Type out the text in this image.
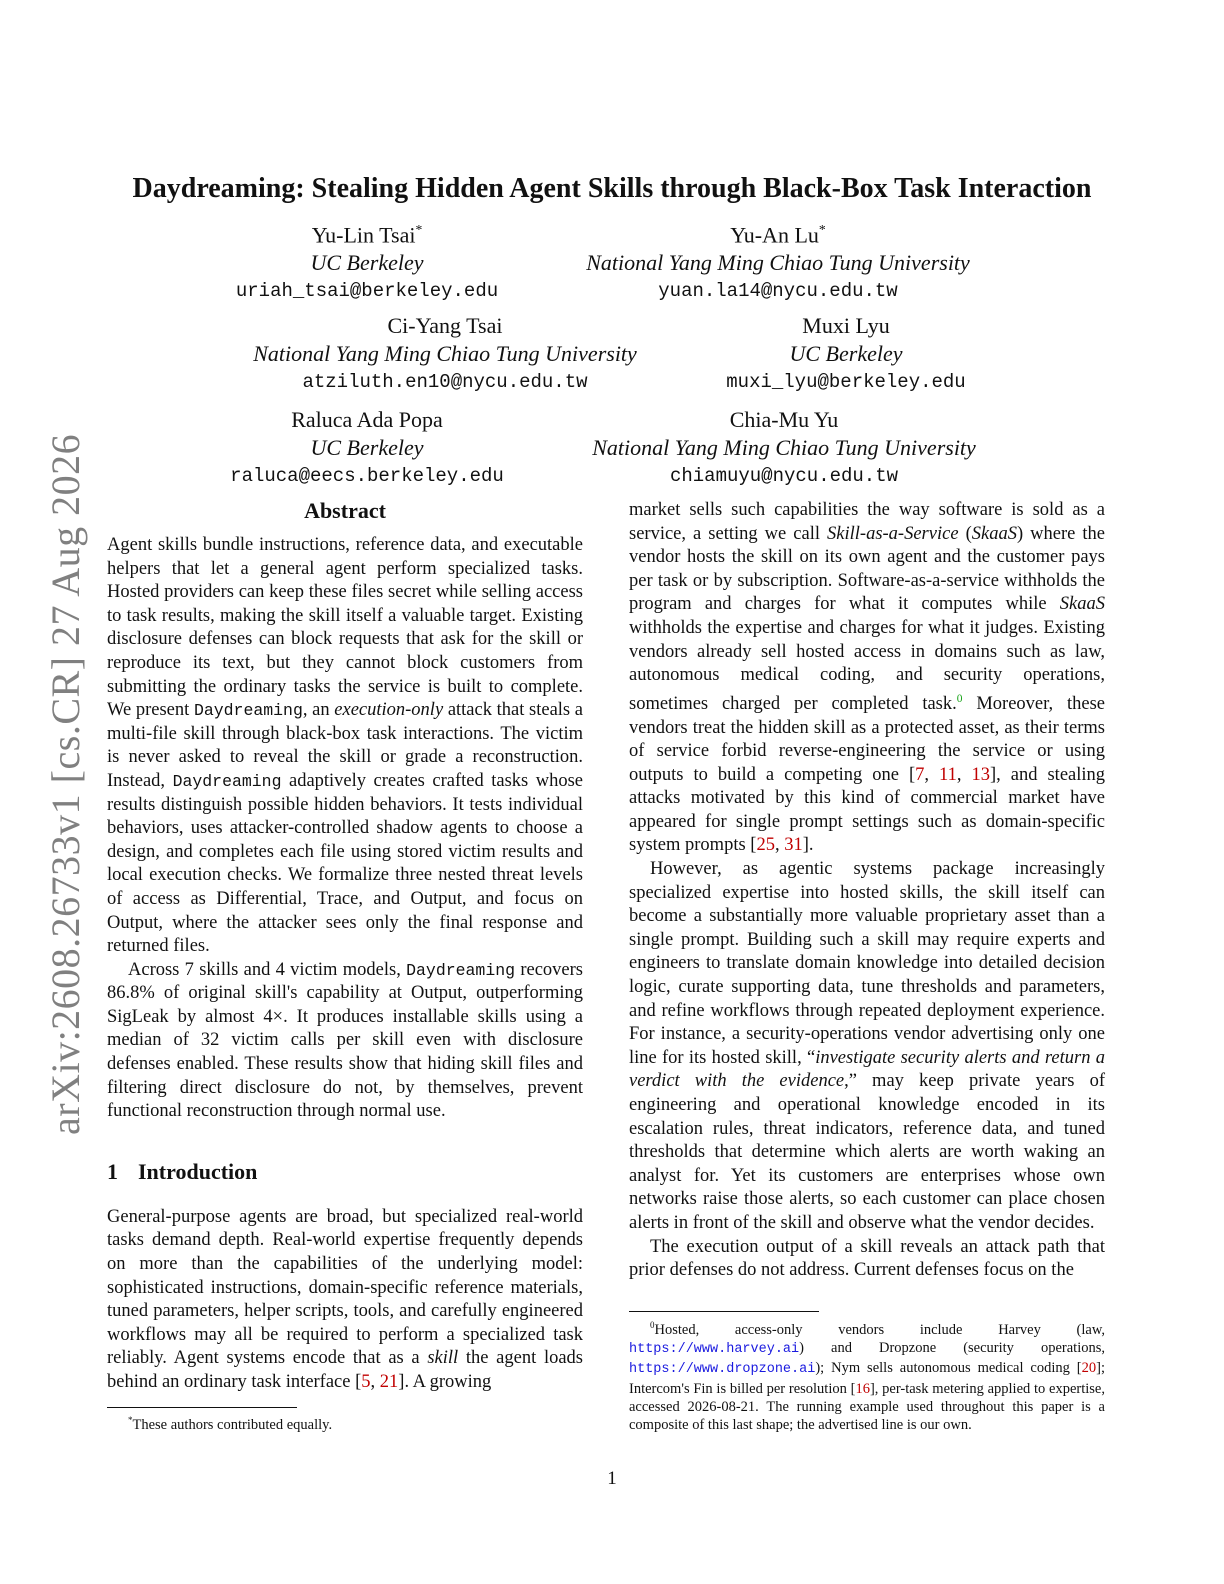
arXiv:2608.26733v1 [cs.CR] 27 Aug 2026
Daydreaming: Stealing Hidden Agent Skills through Black-Box Task Interaction
Yu-Lin Tsai*
UC Berkeley
uriah_tsai@berkeley.edu
Yu-An Lu*
National Yang Ming Chiao Tung University
yuan.la14@nycu.edu.tw
Ci-Yang Tsai
National Yang Ming Chiao Tung University
atziluth.en10@nycu.edu.tw
Muxi Lyu
UC Berkeley
muxi_lyu@berkeley.edu
Raluca Ada Popa
UC Berkeley
raluca@eecs.berkeley.edu
Chia-Mu Yu
National Yang Ming Chiao Tung University
chiamuyu@nycu.edu.tw
Abstract

Agent skills bundle instructions, reference data, and executable helpers that let a general agent perform specialized tasks. Hosted providers can keep these files secret while selling access to task results, making the skill itself a valuable target. Existing disclosure defenses can block requests that ask for the skill or reproduce its text, but they cannot block customers from submitting the ordinary tasks the service is built to complete. We present Daydreaming, an execution-only attack that steals a multi-file skill through black-box task interactions. The victim is never asked to reveal the skill or grade a reconstruction. Instead, Daydreaming adaptively creates crafted tasks whose results distinguish possible hidden behaviors. It tests individual behaviors, uses attacker-controlled shadow agents to choose a design, and completes each file using stored victim results and local execution checks. We formalize three nested threat levels of access as Differential, Trace, and Output, and focus on Output, where the attacker sees only the final response and returned files.

Across 7 skills and 4 victim models, Daydreaming recovers 86.8% of original skill's capability at Output, outperforming SigLeak by almost 4×. It produces installable skills using a median of 32 victim calls per skill even with disclosure defenses enabled. These results show that hiding skill files and filtering direct disclosure do not, by themselves, prevent functional reconstruction through normal use.

1 Introduction

General-purpose agents are broad, but specialized real-world tasks demand depth. Real-world expertise frequently depends on more than the capabilities of the underlying model: sophisticated instructions, domain-specific reference materials, tuned parameters, helper scripts, tools, and carefully engineered workflows may all be required to perform a specialized task reliably. Agent systems encode that as a skill the agent loads behind an ordinary task interface [5, 21]. A growing

market sells such capabilities the way software is sold as a service, a setting we call Skill-as-a-Service (SkaaS) where the vendor hosts the skill on its own agent and the customer pays per task or by subscription. Software-as-a-service withholds the program and charges for what it computes while SkaaS withholds the expertise and charges for what it judges. Existing vendors already sell hosted access in domains such as law, autonomous medical coding, and security operations, sometimes charged per completed task.$^0$ Moreover, these vendors treat the hidden skill as a protected asset, as their terms of service forbid reverse-engineering the service or using outputs to build a competing one [7, 11, 13], and stealing attacks motivated by this kind of commercial market have appeared for single prompt settings such as domain-specific system prompts [25, 31].

However, as agentic systems package increasingly specialized expertise into hosted skills, the skill itself can become a substantially more valuable proprietary asset than a single prompt. Building such a skill may require experts and engineers to translate domain knowledge into detailed decision logic, curate supporting data, tune thresholds and parameters, and refine workflows through repeated deployment experience. For instance, a security-operations vendor advertising only one line for its hosted skill, “investigate security alerts and return a verdict with the evidence,” may keep private years of engineering and operational knowledge encoded in its escalation rules, threat indicators, reference data, and tuned thresholds that determine which alerts are worth waking an analyst for. Yet its customers are enterprises whose own networks raise those alerts, so each customer can place chosen alerts in front of the skill and observe what the vendor decides.

The execution output of a skill reveals an attack path that prior defenses do not address. Current defenses focus on the

*These authors contributed equally.
$^0$Hosted, access-only vendors include Harvey (law, https://www.harvey.ai) and Dropzone (security operations, https://www.dropzone.ai); Nym sells autonomous medical coding [20]; Intercom's Fin is billed per resolution [16], per-task metering applied to expertise, accessed 2026-08-21. The running example used throughout this paper is a composite of this last shape; the advertised line is our own.
1
